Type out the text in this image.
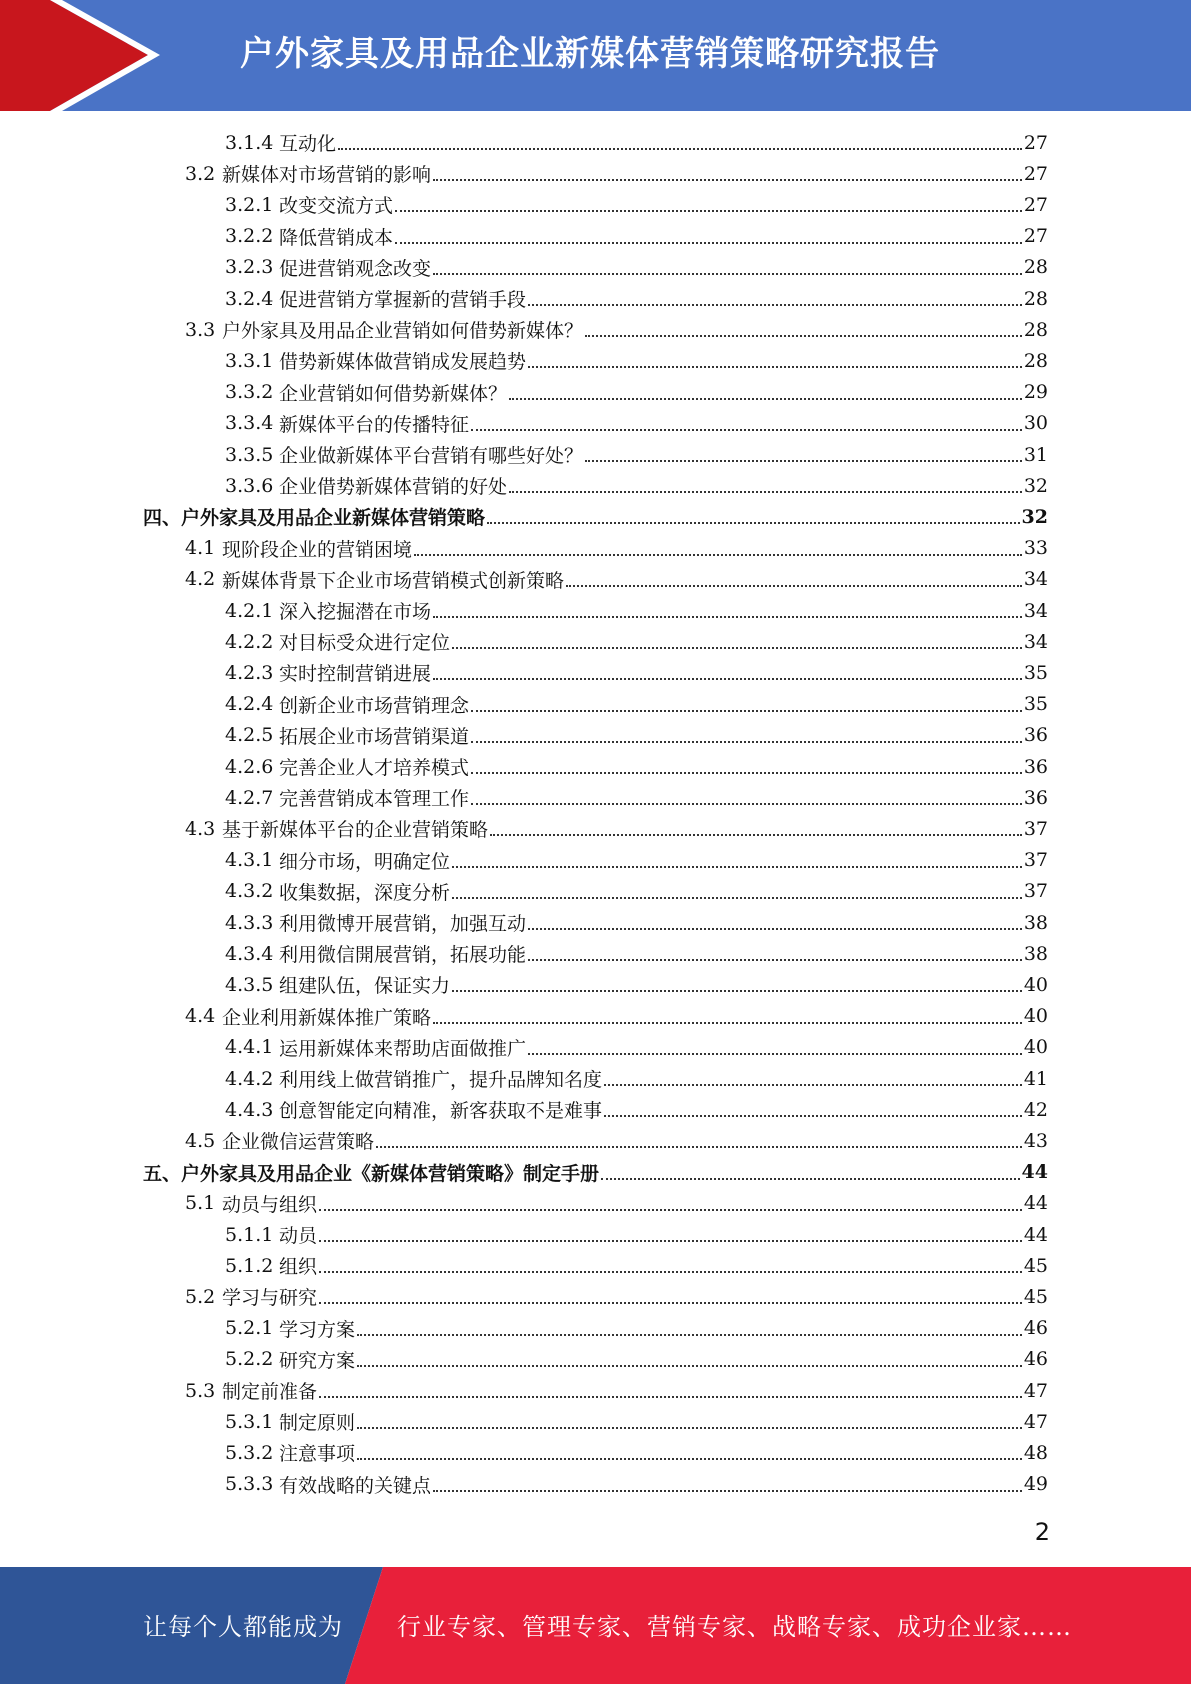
户外家具及用品企业新媒体营销策略研究报告
3.1.4 互动化	27
3.2 新媒体对市场营销的影响	27
3.2.1 改变交流方式	27
3.2.2 降低营销成本	27
3.2.3 促进营销观念改变	28
3.2.4 促进营销方掌握新的营销手段	28
3.3 户外家具及用品企业营销如何借势新媒体？	28
3.3.1 借势新媒体做营销成发展趋势	28
3.3.2 企业营销如何借势新媒体？	29
3.3.4 新媒体平台的传播特征	30
3.3.5 企业做新媒体平台营销有哪些好处？	31
3.3.6 企业借势新媒体营销的好处	32
四、户外家具及用品企业新媒体营销策略	32
4.1 现阶段企业的营销困境	33
4.2 新媒体背景下企业市场营销模式创新策略	34
4.2.1 深入挖掘潜在市场	34
4.2.2 对目标受众进行定位	34
4.2.3 实时控制营销进展	35
4.2.4 创新企业市场营销理念	35
4.2.5 拓展企业市场营销渠道	36
4.2.6 完善企业人才培养模式	36
4.2.7 完善营销成本管理工作	36
4.3 基于新媒体平台的企业营销策略	37
4.3.1 细分市场，明确定位	37
4.3.2 收集数据，深度分析	37
4.3.3 利用微博开展营销，加强互动	38
4.3.4 利用微信開展营销，拓展功能	38
4.3.5 组建队伍，保证实力	40
4.4 企业利用新媒体推广策略	40
4.4.1 运用新媒体来帮助店面做推广	40
4.4.2 利用线上做营销推广，提升品牌知名度	41
4.4.3 创意智能定向精准，新客获取不是难事	42
4.5 企业微信运营策略	43
五、户外家具及用品企业《新媒体营销策略》制定手册	44
5.1 动员与组织	44
5.1.1 动员	44
5.1.2 组织	45
5.2 学习与研究	45
5.2.1 学习方案	46
5.2.2 研究方案	46
5.3 制定前准备	47
5.3.1 制定原则	47
5.3.2 注意事项	48
5.3.3 有效战略的关键点	49
2
让每个人都能成为 行业专家、管理专家、营销专家、战略专家、成功企业家……
